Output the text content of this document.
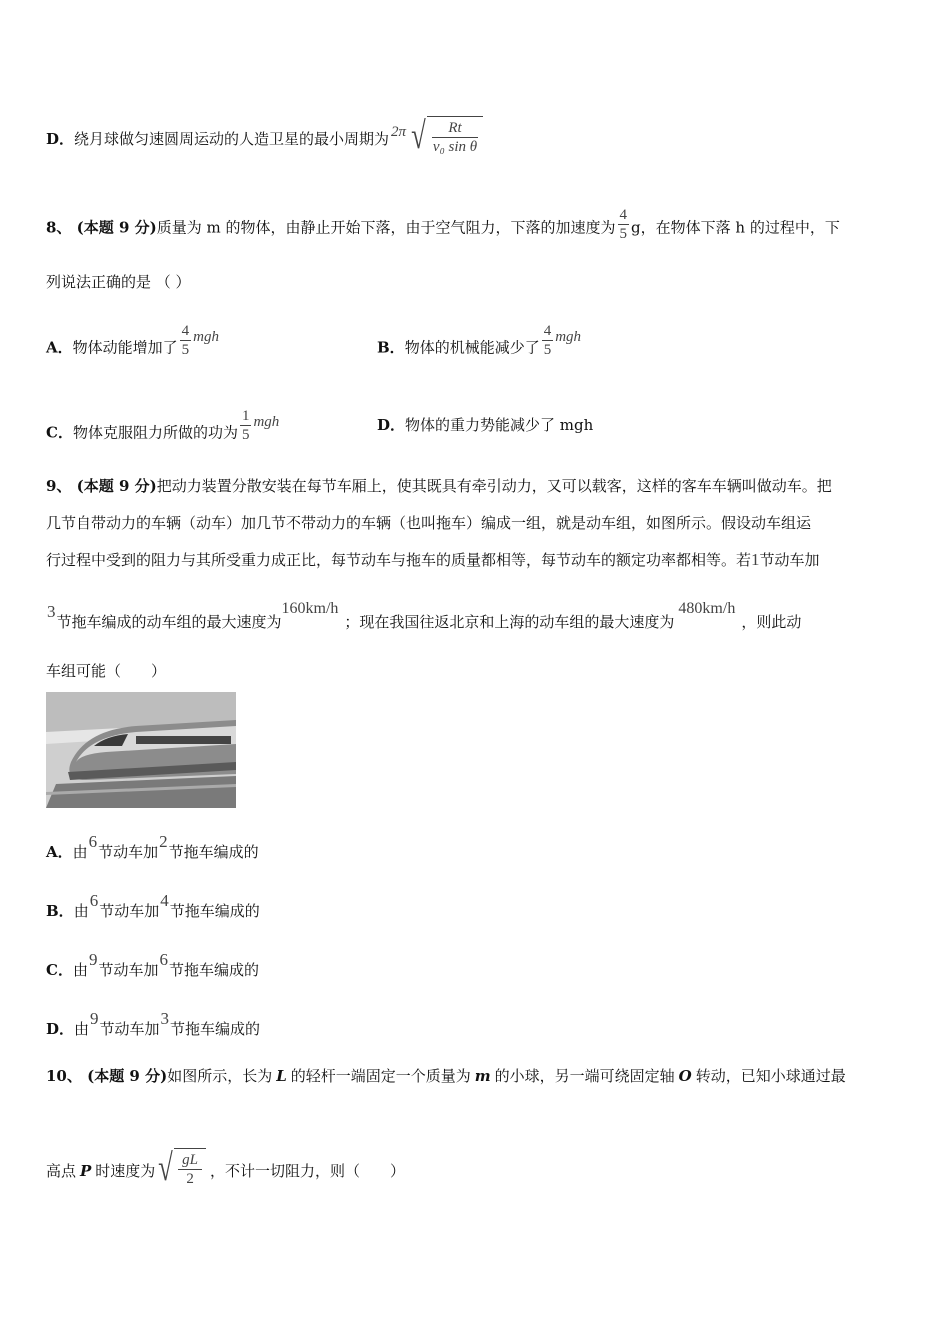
D．绕月球做匀速圆周运动的人造卫星的最小周期为 2π √ $\frac{Rt}{\text{v₀ sin θ}}$
8、 (本题 9 分)质量为 m 的物体，由静止开始下落，由于空气阻力，下落的加速度为 $\frac{4}{5}$ g，在物体下落 h 的过程中，下
列说法正确的是 （ ）
A．物体动能增加了 $\frac{4}{5}$ mgh
B．物体的机械能减少了 $\frac{4}{5}$ mgh
C．物体克服阻力所做的功为 $\frac{1}{5}$ mgh	D．物体的重力势能减少了 mgh
9、 (本题 9 分)把动力装置分散安装在每节车厢上，使其既具有牵引动力，又可以载客，这样的客车车辆叫做动车。把
几节自带动力的车辆（动车）加几节不带动力的车辆（也叫拖车）编成一组，就是动车组，如图所示。假设动车组运
行过程中受到的阻力与其所受重力成正比，每节动车与拖车的质量都相等，每节动车的额定功率都相等。若1节动车加
3节拖车编成的动车组的最大速度为160km/h；现在我国往返北京和上海的动车组的最大速度为480km/h，则此动
车组可能（　　）
A．由6节动车加2节拖车编成的
B．由6节动车加4节拖车编成的
C．由9节动车加6节拖车编成的
D．由9节动车加3节拖车编成的
10、 (本题 9 分)如图所示，长为 L 的轻杆一端固定一个质量为 m 的小球，另一端可绕固定轴 O 转动，已知小球通过最
高点 P 时速度为 √ $\frac{gL}{2}$ ，不计一切阻力，则（　　）
